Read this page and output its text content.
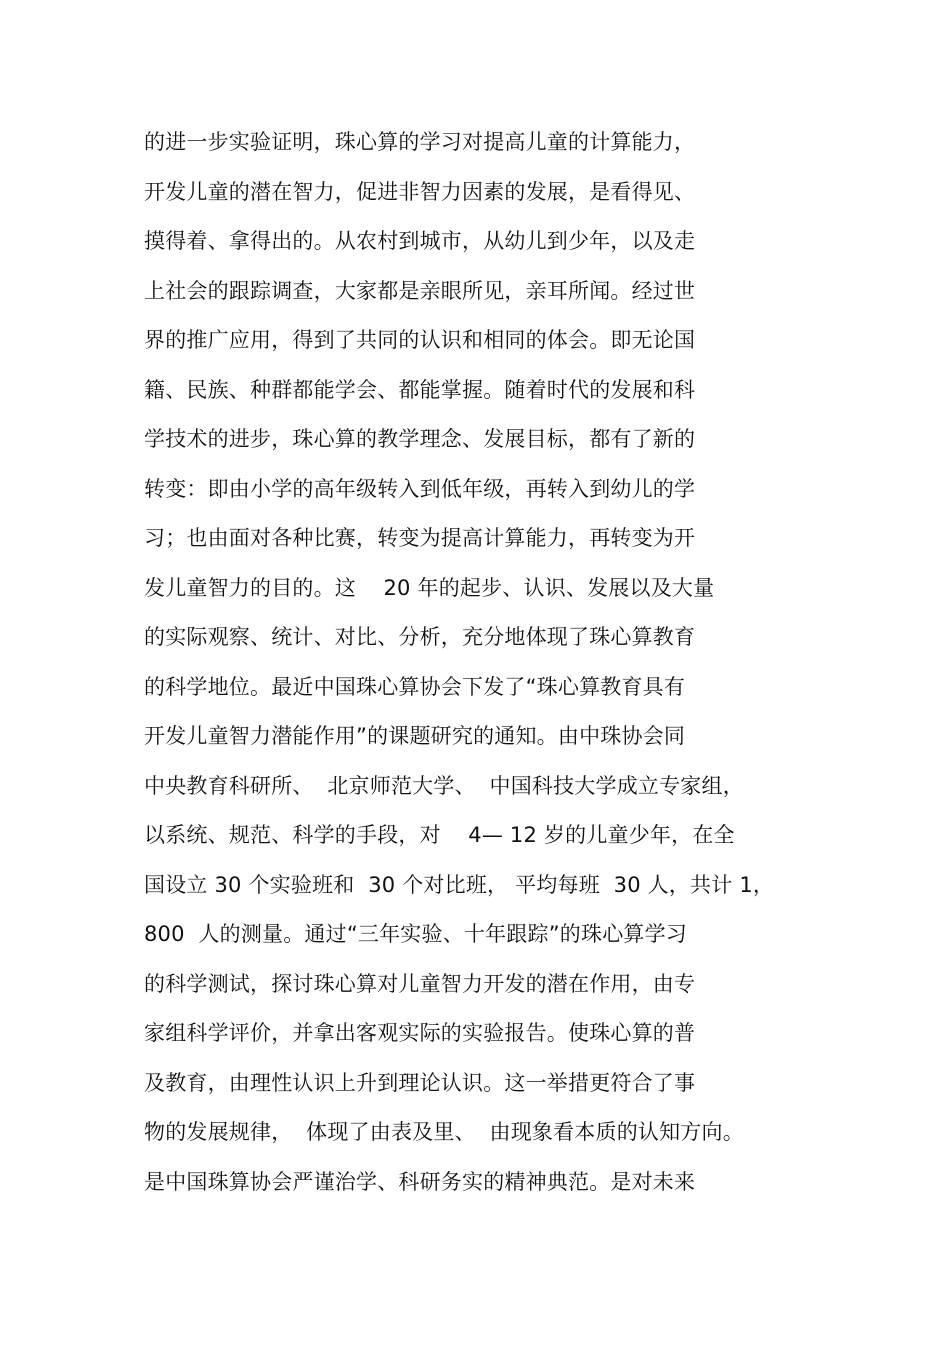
的进一步实验证明，珠心算的学习对提高儿童的计算能力，
开发儿童的潜在智力，促进非智力因素的发展，是看得见、
摸得着、拿得出的。从农村到城市，从幼儿到少年，以及走
上社会的跟踪调查，大家都是亲眼所见，亲耳所闻。经过世
界的推广应用，得到了共同的认识和相同的体会。即无论国
籍、民族、种群都能学会、都能掌握。随着时代的发展和科
学技术的进步，珠心算的教学理念、发展目标，都有了新的
转变：即由小学的高年级转入到低年级，再转入到幼儿的学
习；也由面对各种比赛，转变为提高计算能力，再转变为开
发儿童智力的目的。这    20 年的起步、认识、发展以及大量
的实际观察、统计、对比、分析，充分地体现了珠心算教育
的科学地位。最近中国珠心算协会下发了“珠心算教育具有
开发儿童智力潜能作用”的课题研究的通知。由中珠协会同
中央教育科研所、  北京师范大学、  中国科技大学成立专家组，
以系统、规范、科学的手段，对    4— 12 岁的儿童少年，在全
国设立 30 个实验班和  30 个对比班， 平均每班  30 人，共计 1，
800  人的测量。通过“三年实验、十年跟踪”的珠心算学习
的科学测试，探讨珠心算对儿童智力开发的潜在作用，由专
家组科学评价，并拿出客观实际的实验报告。使珠心算的普
及教育，由理性认识上升到理论认识。这一举措更符合了事
物的发展规律，  体现了由表及里、  由现象看本质的认知方向。
是中国珠算协会严谨治学、科研务实的精神典范。是对未来
